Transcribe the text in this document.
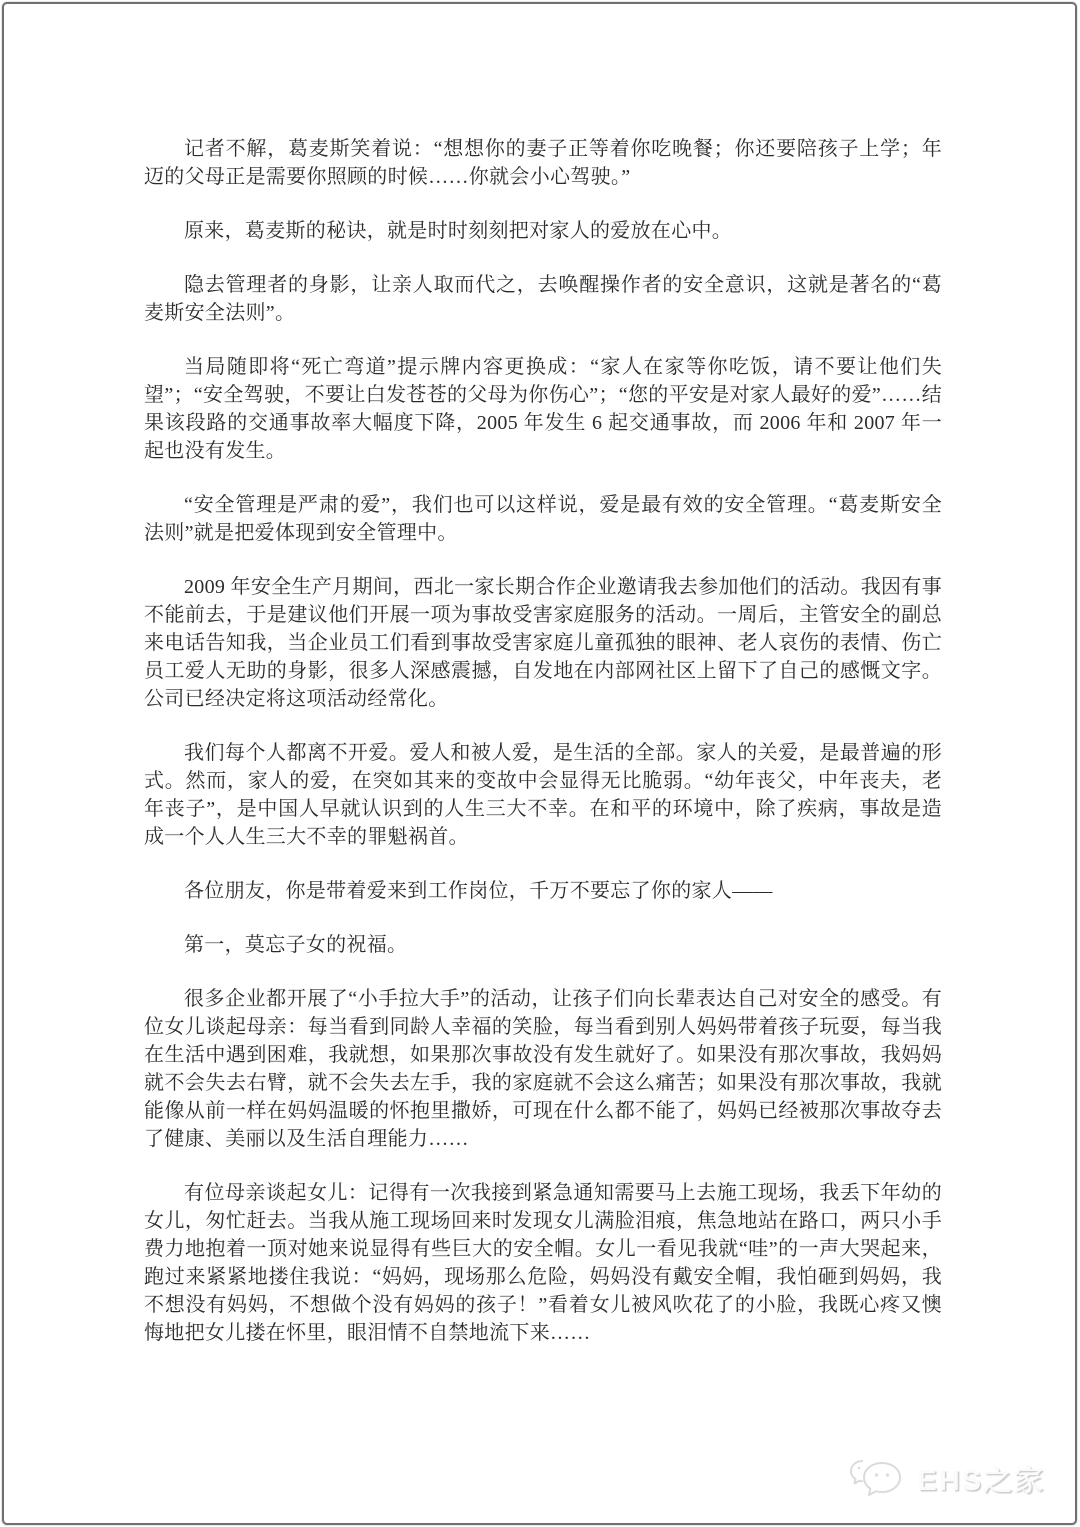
记者不解，葛麦斯笑着说：“想想你的妻子正等着你吃晚餐；你还要陪孩子上学；年迈的父母正是需要你照顾的时候……你就会小心驾驶。”

原来，葛麦斯的秘诀，就是时时刻刻把对家人的爱放在心中。

隐去管理者的身影，让亲人取而代之，去唤醒操作者的安全意识，这就是著名的“葛麦斯安全法则”。

当局随即将“死亡弯道”提示牌内容更换成：“家人在家等你吃饭，请不要让他们失望”；“安全驾驶，不要让白发苍苍的父母为你伤心”；“您的平安是对家人最好的爱”……结果该段路的交通事故率大幅度下降，2005 年发生 6 起交通事故，而 2006 年和 2007 年一起也没有发生。

“安全管理是严肃的爱”，我们也可以这样说，爱是最有效的安全管理。“葛麦斯安全法则”就是把爱体现到安全管理中。

2009 年安全生产月期间，西北一家长期合作企业邀请我去参加他们的活动。我因有事不能前去，于是建议他们开展一项为事故受害家庭服务的活动。一周后，主管安全的副总来电话告知我，当企业员工们看到事故受害家庭儿童孤独的眼神、老人哀伤的表情、伤亡员工爱人无助的身影，很多人深感震撼，自发地在内部网社区上留下了自己的感慨文字。公司已经决定将这项活动经常化。

我们每个人都离不开爱。爱人和被人爱，是生活的全部。家人的关爱，是最普遍的形式。然而，家人的爱，在突如其来的变故中会显得无比脆弱。“幼年丧父，中年丧夫，老年丧子”，是中国人早就认识到的人生三大不幸。在和平的环境中，除了疾病，事故是造成一个人人生三大不幸的罪魁祸首。

各位朋友，你是带着爱来到工作岗位，千万不要忘了你的家人——

第一，莫忘子女的祝福。

很多企业都开展了“小手拉大手”的活动，让孩子们向长辈表达自己对安全的感受。有位女儿谈起母亲：每当看到同龄人幸福的笑脸，每当看到别人妈妈带着孩子玩耍，每当我在生活中遇到困难，我就想，如果那次事故没有发生就好了。如果没有那次事故，我妈妈就不会失去右臂，就不会失去左手，我的家庭就不会这么痛苦；如果没有那次事故，我就能像从前一样在妈妈温暖的怀抱里撒娇，可现在什么都不能了，妈妈已经被那次事故夺去了健康、美丽以及生活自理能力……

有位母亲谈起女儿：记得有一次我接到紧急通知需要马上去施工现场，我丢下年幼的女儿，匆忙赶去。当我从施工现场回来时发现女儿满脸泪痕，焦急地站在路口，两只小手费力地抱着一顶对她来说显得有些巨大的安全帽。女儿一看见我就“哇”的一声大哭起来，跑过来紧紧地搂住我说：“妈妈，现场那么危险，妈妈没有戴安全帽，我怕砸到妈妈，我不想没有妈妈，不想做个没有妈妈的孩子！”看着女儿被风吹花了的小脸，我既心疼又懊悔地把女儿搂在怀里，眼泪情不自禁地流下来……

EHS之家
